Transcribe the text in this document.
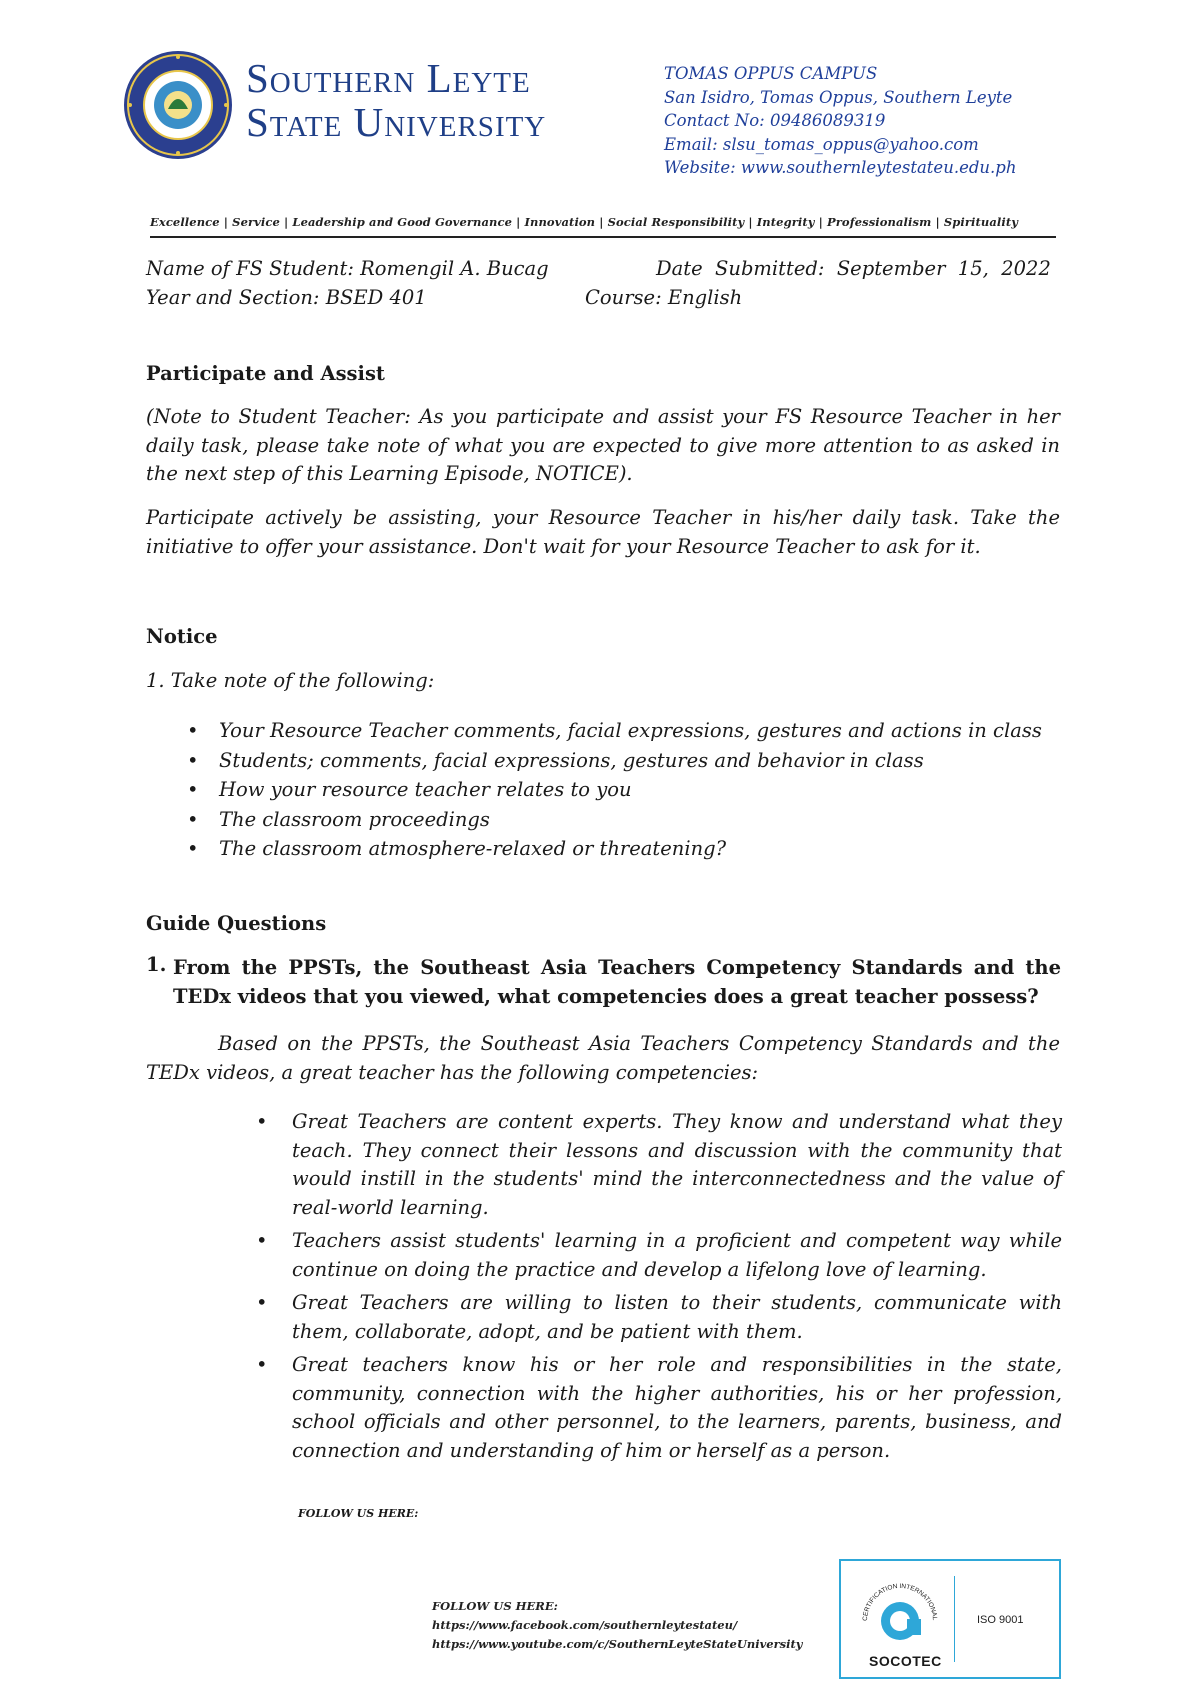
Southern Leyte
State University
TOMAS OPPUS CAMPUS
San Isidro, Tomas Oppus, Southern Leyte
Contact No: 09486089319
Email: slsu_tomas_oppus@yahoo.com
Website: www.southernleytestateu.edu.ph
Excellence | Service | Leadership and Good Governance | Innovation | Social Responsibility | Integrity | Professionalism | Spirituality
Name of FS Student: Romengil A. Bucag	Date  Submitted:  September  15,  2022
Year and Section: BSED 401	Course: English
Participate and Assist
(Note to Student Teacher: As you participate and assist your FS Resource Teacher in her daily task, please take note of what you are expected to give more attention to as asked in the next step of this Learning Episode, NOTICE).
Participate actively be assisting, your Resource Teacher in his/her daily task. Take the initiative to offer your assistance. Don't wait for your Resource Teacher to ask for it.
Notice
1. Take note of the following:
• Your Resource Teacher comments, facial expressions, gestures and actions in class
• Students; comments, facial expressions, gestures and behavior in class
• How your resource teacher relates to you
• The classroom proceedings
• The classroom atmosphere-relaxed or threatening?
Guide Questions
1. From the PPSTs, the Southeast Asia Teachers Competency Standards and the TEDx videos that you viewed, what competencies does a great teacher possess?
Based on the PPSTs, the Southeast Asia Teachers Competency Standards and the TEDx videos, a great teacher has the following competencies:
• Great Teachers are content experts. They know and understand what they teach. They connect their lessons and discussion with the community that would instill in the students' mind the interconnectedness and the value of real-world learning.
• Teachers assist students' learning in a proficient and competent way while continue on doing the practice and develop a lifelong love of learning.
• Great Teachers are willing to listen to their students, communicate with them, collaborate, adopt, and be patient with them.
• Great teachers know his or her role and responsibilities in the state, community, connection with the higher authorities, his or her profession, school officials and other personnel, to the learners, parents, business, and connection and understanding of him or herself as a person.
FOLLOW US HERE:
FOLLOW US HERE:
https://www.facebook.com/southernleytestateu/
https://www.youtube.com/c/SouthernLeyteStateUniversity
CERTIFICATION INTERNATIONAL
SOCOTEC
ISO 9001
